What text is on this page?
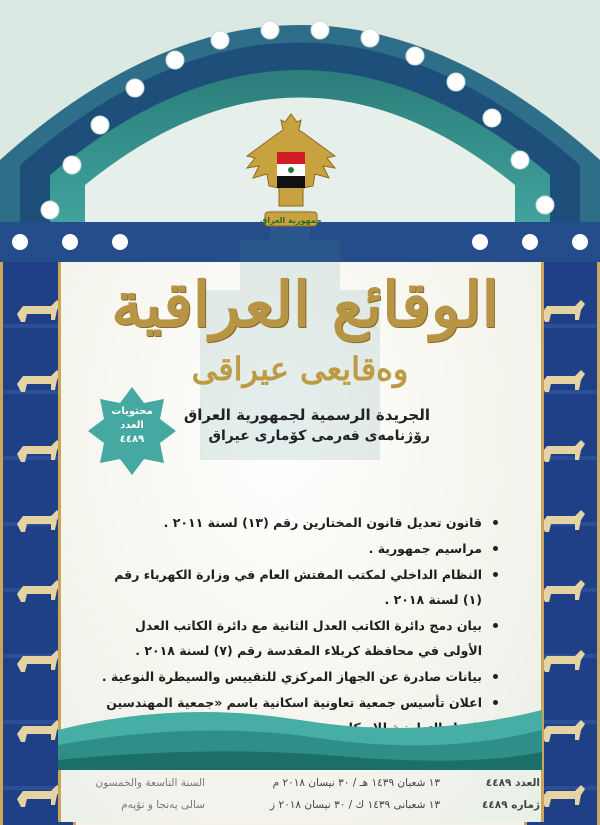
جمهورية العراق
الوقائع العراقية
وەقایعی عیراقی
الجريدة الرسمية لجمهورية العراق
رۆژنامەی فەرمی كۆماری عیراق
محتويات
العدد
٤٤٨٩
قانون تعديل قانون المختارين رقم (١٣) لسنة ٢٠١١ .
مراسيم جمهورية .
النظام الداخلي لمكتب المفتش العام في وزارة الكهرباء رقم (١) لسنة ٢٠١٨ .
بيان دمج دائرة الكاتب العدل الثانية مع دائرة الكاتب العدل الأولى في محافظة كربلاء المقدسة رقم (٧) لسنة ٢٠١٨ .
بيانات صادرة عن الجهاز المركزي للتقييس والسيطرة النوعية .
اعلان تأسيس جمعية تعاونية اسكانية باسم «جمعية المهندسين التعاونية
العدد ٤٤٨٩
١٣ شعبان ١٤٣٩ هـ / ٣٠ نيسان ٢٠١٨ م
السنة التاسعة والخمسون
ژمارە ٤٤٨٩
١٣ شعبانی ١٤٣٩ ك / ٣٠ نيسان ٢٠١٨ ز
سالی پەنجا و نۆیەم
